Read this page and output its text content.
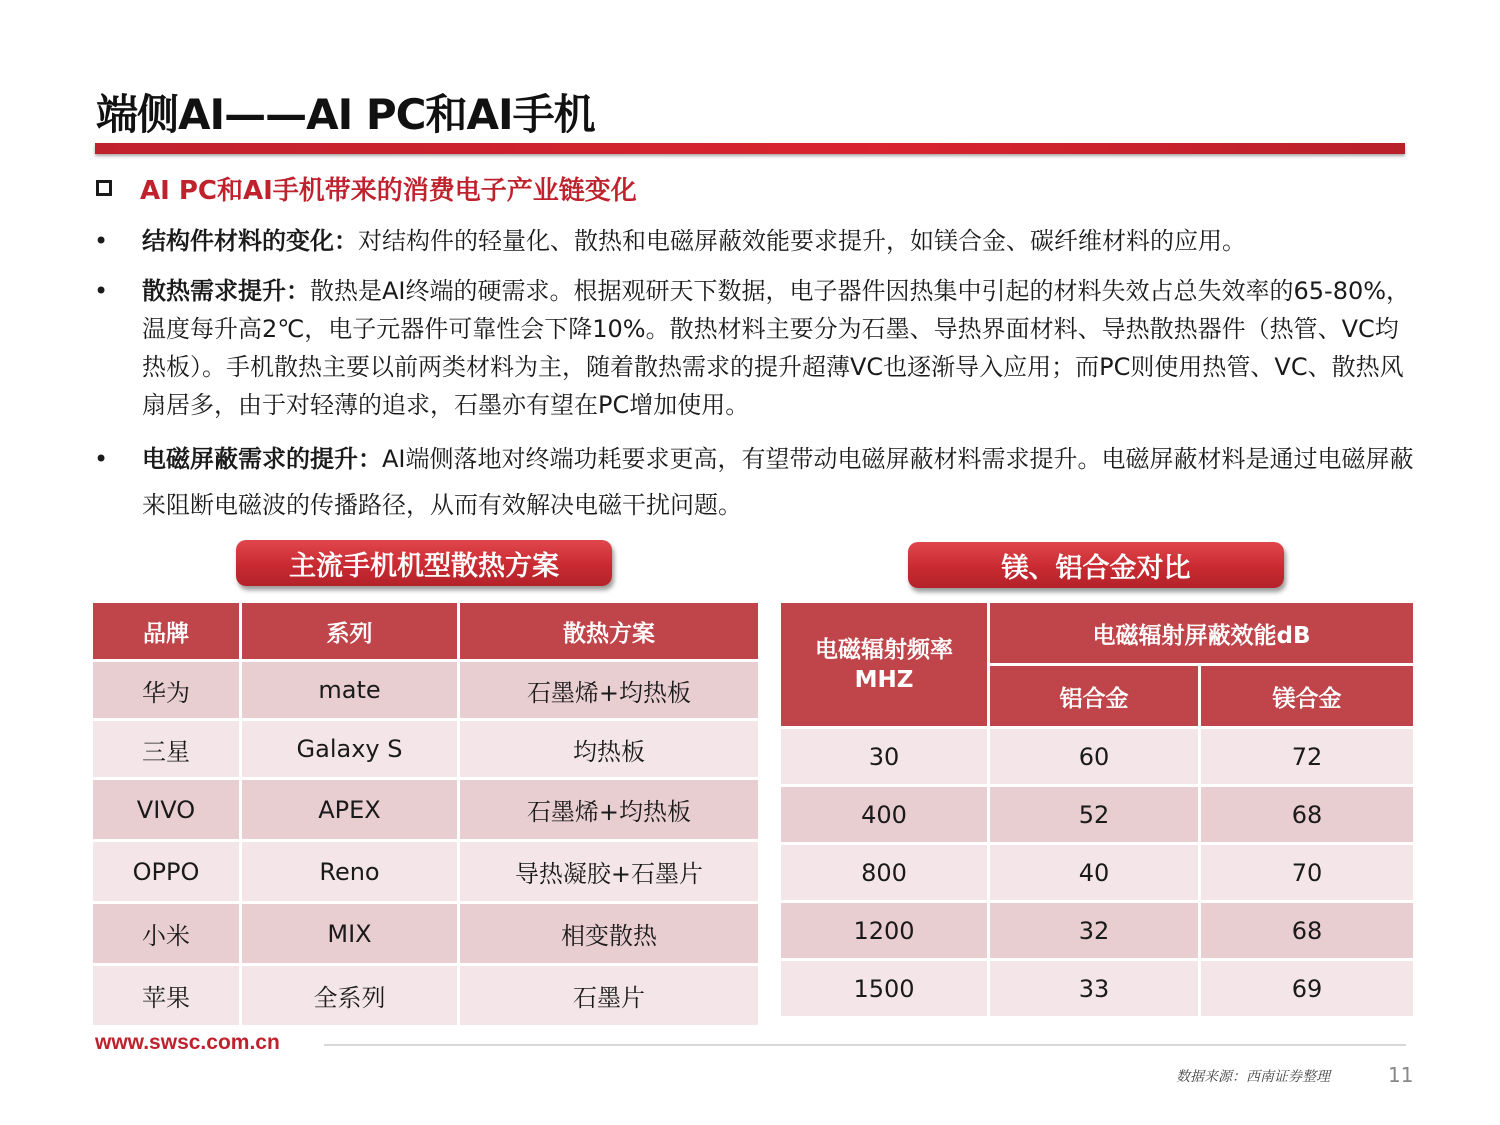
端侧AI——AI PC和AI手机
AI PC和AI手机带来的消费电子产业链变化
•	结构件材料的变化：对结构件的轻量化、散热和电磁屏蔽效能要求提升，如镁合金、碳纤维材料的应用。
•	散热需求提升：散热是AI终端的硬需求。根据观研天下数据，电子器件因热集中引起的材料失效占总失效率的65-80%，温度每升高2℃，电子元器件可靠性会下降10%。散热材料主要分为石墨、导热界面材料、导热散热器件（热管、VC均热板）。手机散热主要以前两类材料为主，随着散热需求的提升超薄VC也逐渐导入应用；而PC则使用热管、VC、散热风扇居多，由于对轻薄的追求，石墨亦有望在PC增加使用。
•	电磁屏蔽需求的提升：AI端侧落地对终端功耗要求更高，有望带动电磁屏蔽材料需求提升。电磁屏蔽材料是通过电磁屏蔽来阻断电磁波的传播路径，从而有效解决电磁干扰问题。
主流手机机型散热方案	镁、铝合金对比
品牌	系列	散热方案
华为	mate	石墨烯+均热板
三星	Galaxy S	均热板
VIVO	APEX	石墨烯+均热板
OPPO	Reno	导热凝胶+石墨片
小米	MIX	相变散热
苹果	全系列	石墨片
电磁辐射频率
MHZ	电磁辐射屏蔽效能dB	
	铝合金	镁合金
30	60	72
400	52	68
800	40	70
1200	32	68
1500	33	69
www.swsc.com.cn
数据来源：西南证券整理	11
